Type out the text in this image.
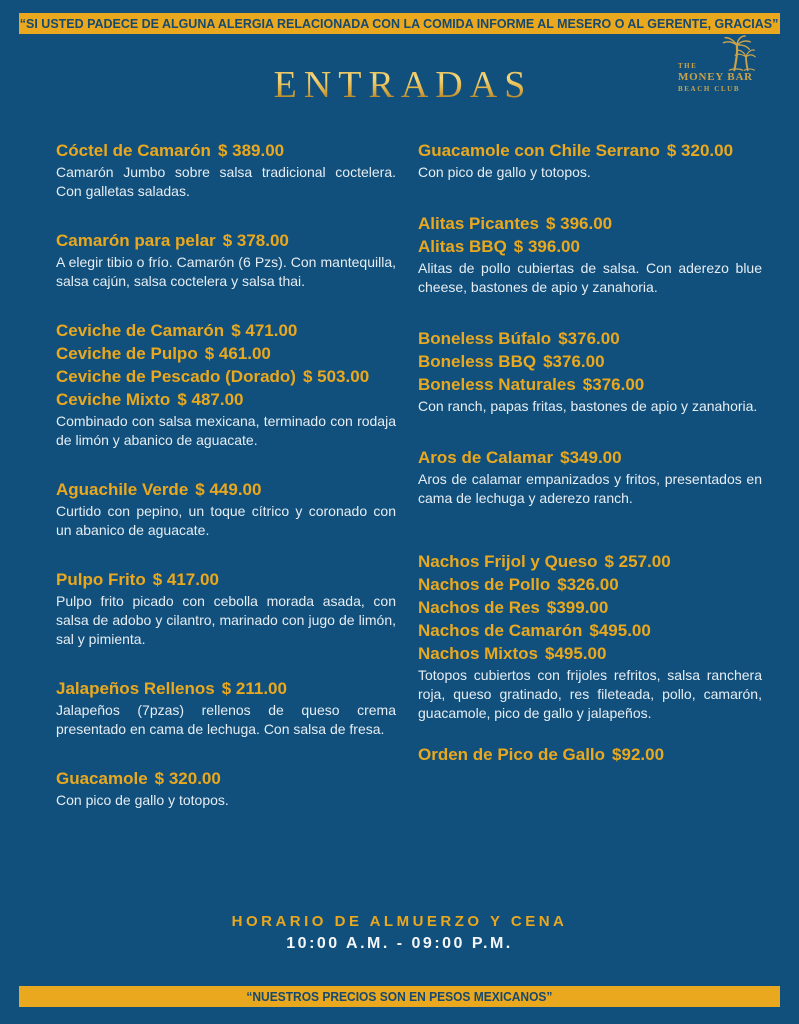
“SI USTED PADECE DE ALGUNA ALERGIA RELACIONADA CON LA COMIDA INFORME AL MESERO O AL GERENTE, GRACIAS”
ENTRADAS
Cóctel de Camarón $ 389.00

Camarón Jumbo sobre salsa tradicional coctelera. Con galletas saladas.

Camarón para pelar $ 378.00

A elegir tibio o frío. Camarón (6 Pzs). Con mantequilla, salsa cajún, salsa coctelera y salsa thai.

Ceviche de Camarón $ 471.00
Ceviche de Pulpo $ 461.00
Ceviche de Pescado (Dorado) $ 503.00
Ceviche Mixto $ 487.00

Combinado con salsa mexicana, terminado con rodaja de limón y abanico de aguacate.

Aguachile Verde $ 449.00

Curtido con pepino, un toque cítrico y coronado con un abanico de aguacate.

Pulpo Frito $ 417.00

Pulpo frito picado con cebolla morada asada, con salsa de adobo y cilantro, marinado con jugo de limón, sal y pimienta.

Jalapeños Rellenos $ 211.00

Jalapeños (7pzas) rellenos de queso crema presentado en cama de lechuga. Con salsa de fresa.

Guacamole $ 320.00

Con pico de gallo y totopos.

Guacamole con Chile Serrano $ 320.00

Con pico de gallo y totopos.

Alitas Picantes $ 396.00
Alitas BBQ $ 396.00

Alitas de pollo cubiertas de salsa. Con aderezo blue cheese, bastones de apio y zanahoria.

Boneless Búfalo $376.00
Boneless BBQ $376.00
Boneless Naturales $376.00

Con ranch, papas fritas, bastones de apio y zanahoria.

Aros de Calamar $349.00

Aros de calamar empanizados y fritos, presentados en cama de lechuga y aderezo ranch.

Nachos Frijol y Queso $ 257.00
Nachos de Pollo $326.00
Nachos de Res $399.00
Nachos de Camarón $495.00
Nachos Mixtos $495.00

Totopos cubiertos con frijoles refritos, salsa ranchera roja, queso gratinado, res fileteada, pollo, camarón, guacamole, pico de gallo y jalapeños.

Orden de Pico de Gallo $92.00
HORARIO DE ALMUERZO Y CENA
10:00 A.M. - 09:00 P.M.
“NUESTROS PRECIOS SON EN PESOS MEXICANOS”
